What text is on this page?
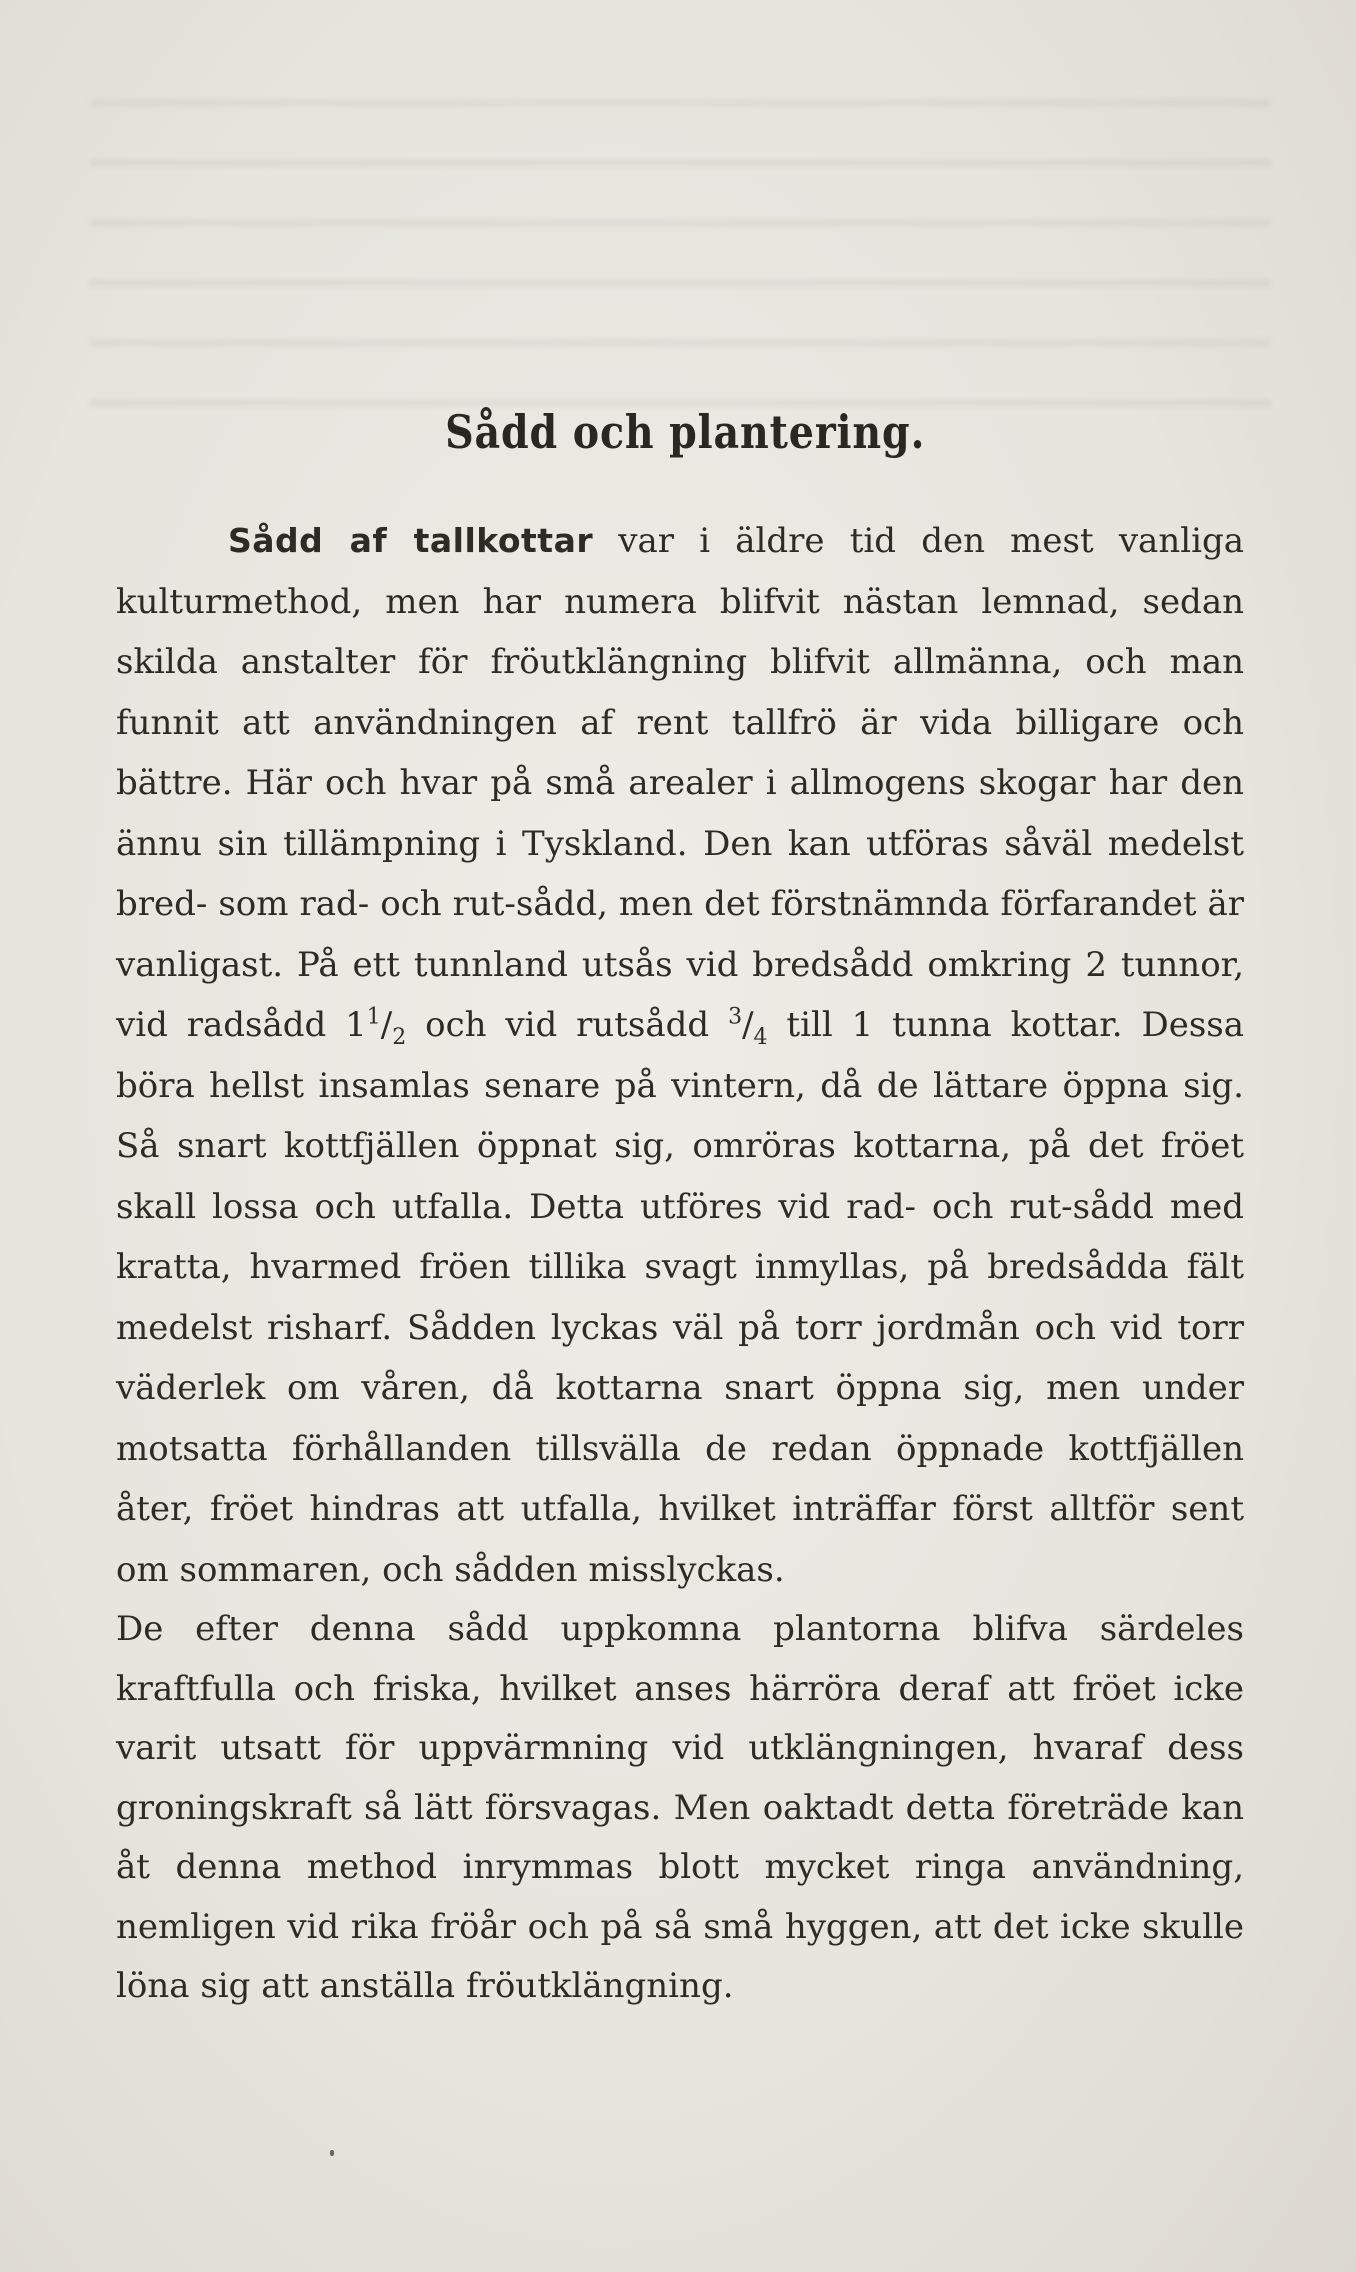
Sådd och plantering.

Sådd af tallkottar var i äldre tid den mest vanliga kulturmethod, men har numera blifvit nästan lemnad, sedan skilda anstalter för fröutklängning blifvit allmänna, och man funnit att användningen af rent tallfrö är vida billigare och bättre. Här och hvar på små arealer i allmogens skogar har den ännu sin tillämpning i Tyskland. Den kan utföras såväl medelst bred- som rad- och rut-sådd, men det förstnämnda förfarandet är vanligast. På ett tunnland utsås vid bredsådd omkring 2 tunnor, vid radsådd $1^1/_2$ och vid rutsådd $^3/_4$ till 1 tunna kottar. Dessa böra hellst insamlas senare på vintern, då de lättare öppna sig. Så snart kottfjällen öppnat sig, omröras kottarna, på det fröet skall lossa och utfalla. Detta utföres vid rad- och rut-sådd med kratta, hvarmed fröen tillika svagt inmyllas, på bredsådda fält medelst risharf. Sådden lyckas väl på torr jordmån och vid torr väderlek om våren, då kottarna snart öppna sig, men under motsatta förhållanden tillsvälla de redan öppnade kottfjällen åter, fröet hindras att utfalla, hvilket inträffar först alltför sent om sommaren, och sådden misslyckas.

De efter denna sådd uppkomna plantorna blifva särdeles kraftfulla och friska, hvilket anses härröra deraf att fröet icke varit utsatt för uppvärmning vid utklängningen, hvaraf dess groningskraft så lätt försvagas. Men oaktadt detta företräde kan åt denna method inrymmas blott mycket ringa användning, nemligen vid rika fröår och på så små hyggen, att det icke skulle löna sig att anställa fröutklängning.
